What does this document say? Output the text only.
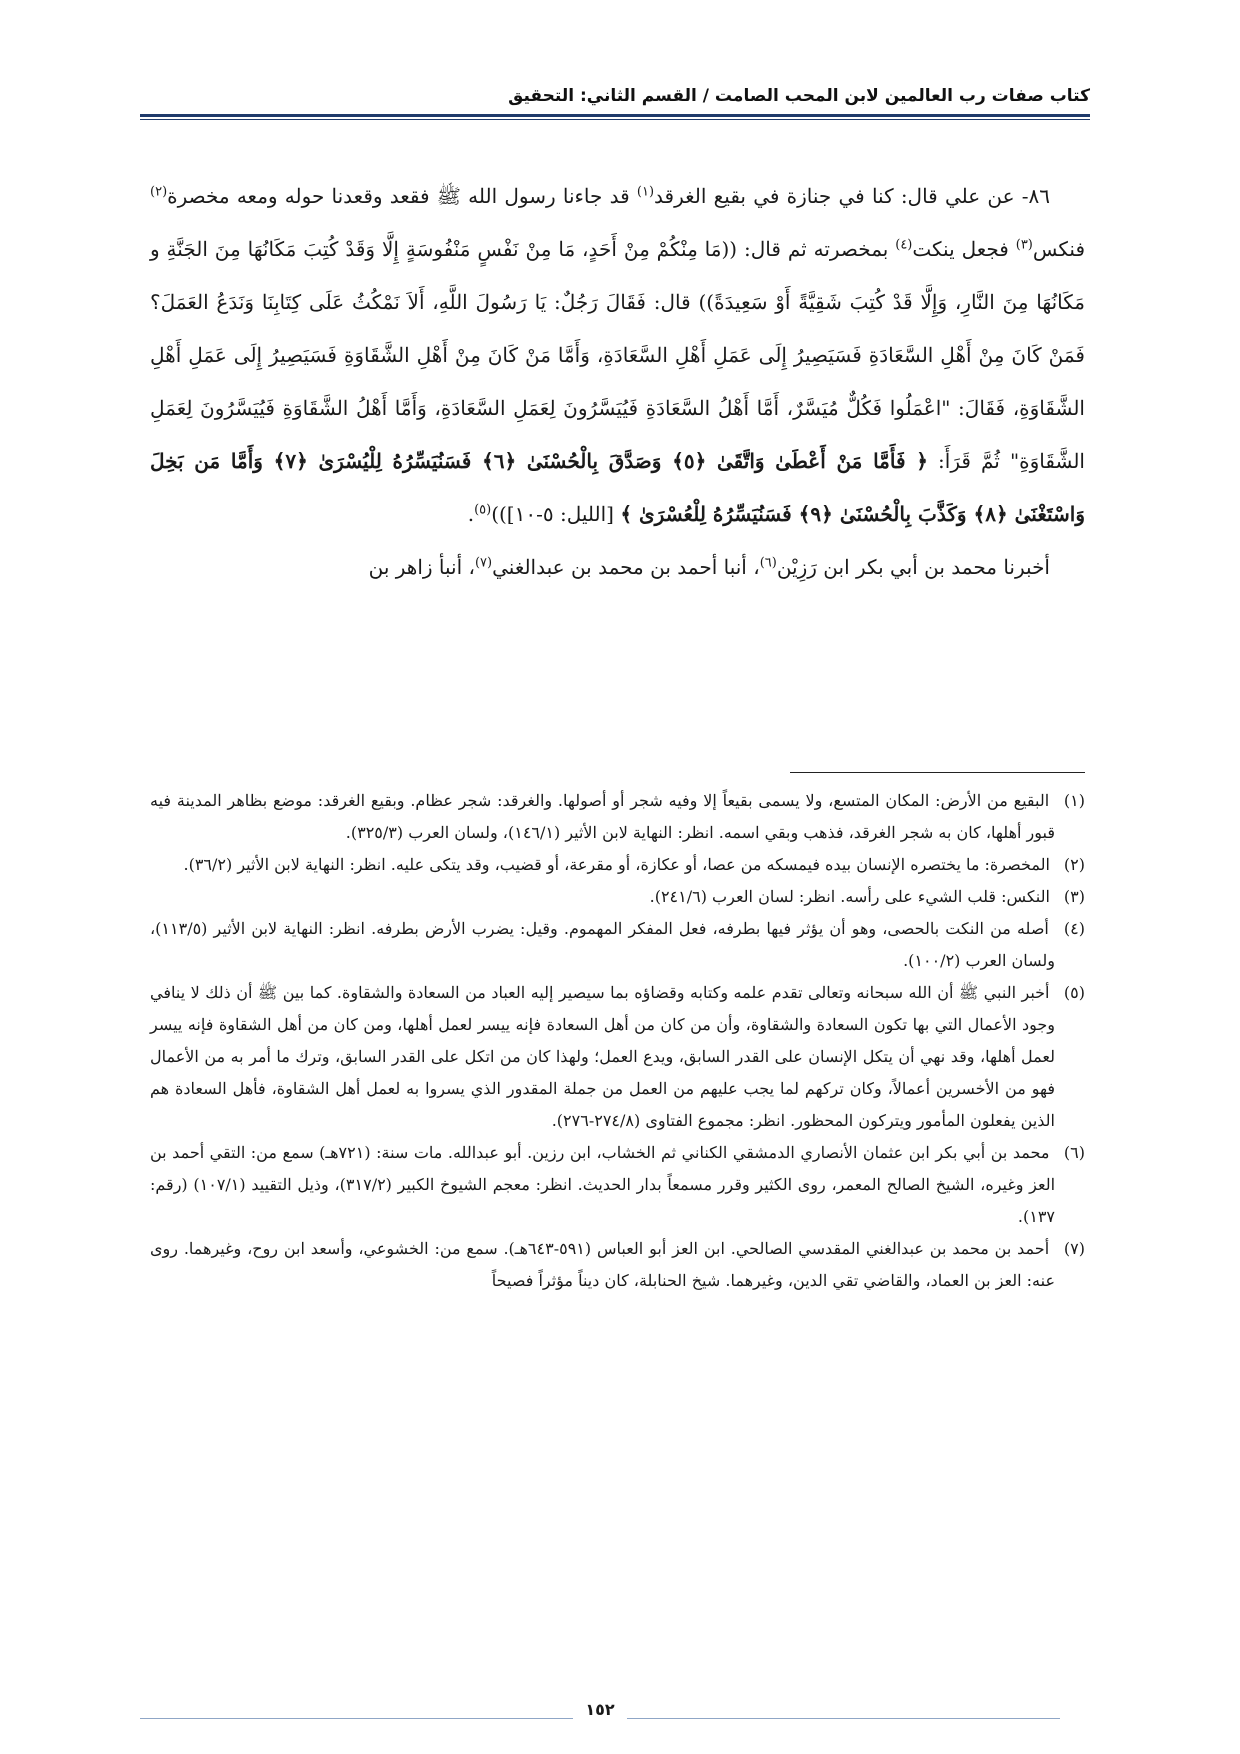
كتاب صفات رب العالمين لابن المحب الصامت / القسم الثاني: التحقيق

٨٦- عن علي قال: كنا في جنازة في بقيع الغرقد$^{(١)}$ قد جاءنا رسول الله ﷺ فقعد وقعدنا حوله ومعه مخصرة$^{(٢)}$ فنكس$^{(٣)}$ فجعل ينكت$^{(٤)}$ بمخصرته ثم قال: ((مَا مِنْكُمْ مِنْ أَحَدٍ، مَا مِنْ نَفْسٍ مَنْفُوسَةٍ إِلَّا وَقَدْ كُتِبَ مَكَانُهَا مِنَ الجَنَّةِ و مَكَانُهَا مِنَ النَّارِ، وَإِلَّا قَدْ كُتِبَ شَقِيَّةً أَوْ سَعِيدَةً)) قال: فَقَالَ رَجُلٌ: يَا رَسُولَ اللَّهِ، أَلاَ نَمْكُثُ عَلَى كِتَابِنَا وَنَدَعُ العَمَلَ؟ فَمَنْ كَانَ مِنْ أَهْلِ السَّعَادَةِ فَسَيَصِيرُ إِلَى عَمَلِ أَهْلِ السَّعَادَةِ، وَأَمَّا مَنْ كَانَ مِنْ أَهْلِ الشَّقَاوَةِ فَسَيَصِيرُ إِلَى عَمَلِ أَهْلِ الشَّقَاوَةِ، فَقَالَ: "اعْمَلُوا فَكُلٌّ مُيَسَّرٌ، أَمَّا أَهْلُ السَّعَادَةِ فَيُيَسَّرُونَ لِعَمَلِ السَّعَادَةِ، وَأَمَّا أَهْلُ الشَّقَاوَةِ فَيُيَسَّرُونَ لِعَمَلِ الشَّقَاوَةِ" ثُمَّ قَرَأَ: ﴿ فَأَمَّا مَنْ أَعْطَىٰ وَاتَّقَىٰ ﴿٥﴾ وَصَدَّقَ بِالْحُسْنَىٰ ﴿٦﴾ فَسَنُيَسِّرُهُ لِلْيُسْرَىٰ ﴿٧﴾ وَأَمَّا مَن بَخِلَ وَاسْتَغْنَىٰ ﴿٨﴾ وَكَذَّبَ بِالْحُسْنَىٰ ﴿٩﴾ فَسَنُيَسِّرُهُ لِلْعُسْرَىٰ ﴾ [الليل: ٥-١٠]))$^{(٥)}$.

أخبرنا محمد بن أبي بكر ابن رَزِيْن$^{(٦)}$، أنبا أحمد بن محمد بن عبدالغني$^{(٧)}$، أنبأ زاهر بن

(١) البقيع من الأرض: المكان المتسع، ولا يسمى بقيعاً إلا وفيه شجر أو أصولها. والغرقد: شجر عظام. وبقيع الغرقد: موضع بظاهر المدينة فيه قبور أهلها، كان به شجر الغرقد، فذهب وبقي اسمه. انظر: النهاية لابن الأثير (١٤٦/١)، ولسان العرب (٣٢٥/٣).

(٢) المخصرة: ما يختصره الإنسان بيده فيمسكه من عصا، أو عكازة، أو مقرعة، أو قضيب، وقد يتكى عليه. انظر: النهاية لابن الأثير (٣٦/٢).

(٣) النكس: قلب الشيء على رأسه. انظر: لسان العرب (٢٤١/٦).

(٤) أصله من النكت بالحصى، وهو أن يؤثر فيها بطرفه، فعل المفكر المهموم. وقيل: يضرب الأرض بطرفه. انظر: النهاية لابن الأثير (١١٣/٥)، ولسان العرب (١٠٠/٢).

(٥) أخبر النبي ﷺ أن الله سبحانه وتعالى تقدم علمه وكتابه وقضاؤه بما سيصير إليه العباد من السعادة والشقاوة. كما بين ﷺ أن ذلك لا ينافي وجود الأعمال التي بها تكون السعادة والشقاوة، وأن من كان من أهل السعادة فإنه ييسر لعمل أهلها، ومن كان من أهل الشقاوة فإنه ييسر لعمل أهلها، وقد نهي أن يتكل الإنسان على القدر السابق، ويدع العمل؛ ولهذا كان من اتكل على القدر السابق، وترك ما أمر به من الأعمال فهو من الأخسرين أعمالاً، وكان تركهم لما يجب عليهم من العمل من جملة المقدور الذي يسروا به لعمل أهل الشقاوة، فأهل السعادة هم الذين يفعلون المأمور ويتركون المحظور. انظر: مجموع الفتاوى (٢٧٤/٨-٢٧٦).

(٦) محمد بن أبي بكر ابن عثمان الأنصاري الدمشقي الكناني ثم الخشاب، ابن رزين. أبو عبدالله. مات سنة: (٧٢١هـ) سمع من: التقي أحمد بن العز وغيره، الشيخ الصالح المعمر، روى الكثير وقرر مسمعاً بدار الحديث. انظر: معجم الشيوخ الكبير (٣١٧/٢)، وذيل التقييد (١٠٧/١) (رقم: ١٣٧).

(٧) أحمد بن محمد بن عبدالغني المقدسي الصالحي. ابن العز أبو العباس (٥٩١-٦٤٣هـ). سمع من: الخشوعي، وأسعد ابن روح، وغيرهما. روى عنه: العز بن العماد، والقاضي تقي الدين، وغيرهما. شيخ الحنابلة، كان ديناً مؤثراً فصيحاً

١٥٢
